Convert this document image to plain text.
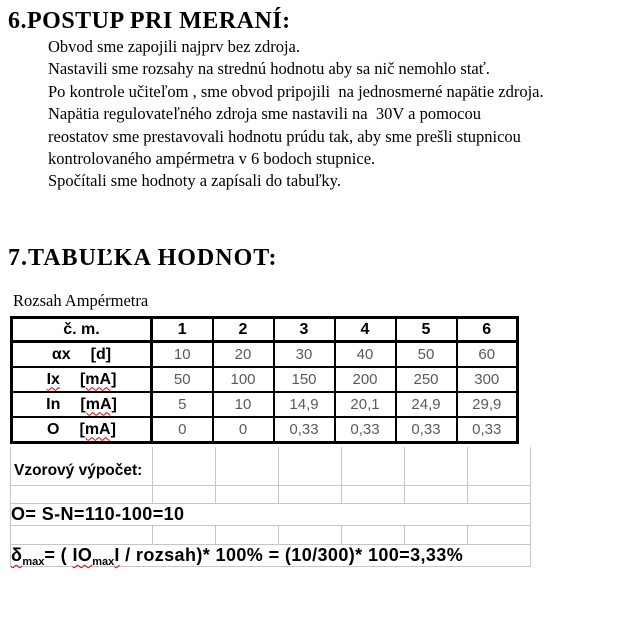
6.POSTUP PRI MERANÍ:
Obvod sme zapojili najprv bez zdroja.
Nastavili sme rozsahy na strednú hodnotu aby sa nič nemohlo stať.
Po kontrole učiteľom , sme obvod pripojili  na jednosmerné napätie zdroja.
Napätia regulovateľného zdroja sme nastavili na  30V a pomocou
reostatov sme prestavovali hodnotu prúdu tak, aby sme prešli stupnicou
kontrolovaného ampérmetra v 6 bodoch stupnice.
Spočítali sme hodnoty a zapísali do tabuľky.
7.TABUĽKA HODNOT:
Rozsah Ampérmetra
č. m.	1	2	3	4	5	6

αx [d]	10	20	30	40	50	60

Ix [mA]	50	100	150	200	250	300

In [mA]	5	10	14,9	20,1	24,9	29,9

O [mA]	0	0	0,33	0,33	0,33	0,33
Vzorový výpočet:						

O= S-N=110-100=10						

$\delta_{max}=$ ( $IO_{max}I$ / rozsah)* 100% = (10/300)* 100=3,33%						
